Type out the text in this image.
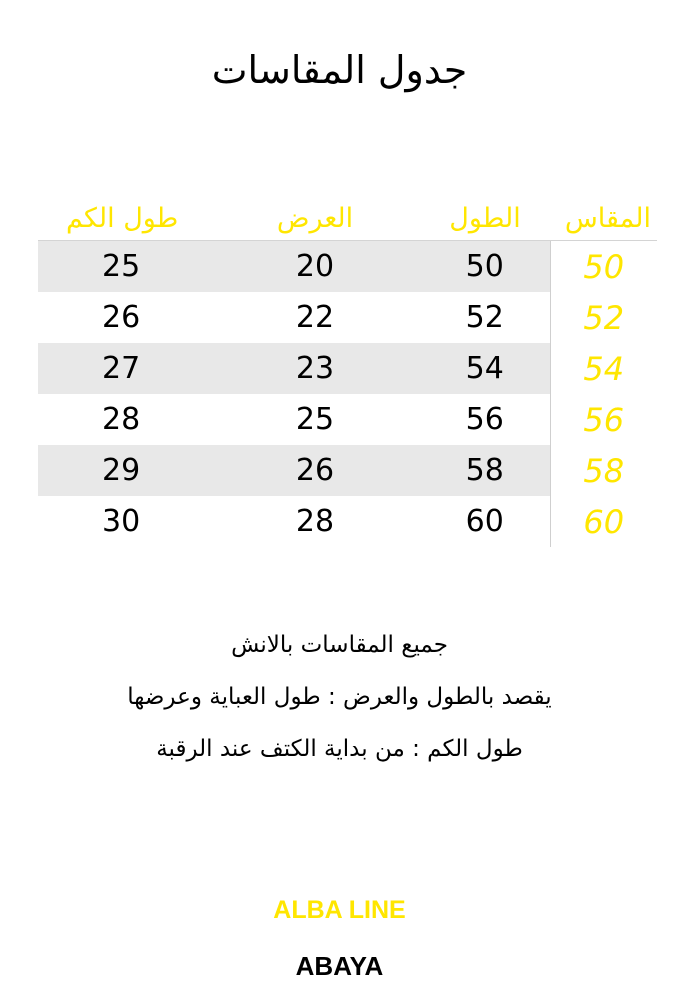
جدول المقاسات
طول الكم	العرض	الطول	المقاس
25	20	50	50
26	22	52	52
27	23	54	54
28	25	56	56
29	26	58	58
30	28	60	60

جميع المقاسات بالانش

يقصد بالطول والعرض : طول العباية وعرضها

طول الكم : من بداية الكتف عند الرقبة

ALBA LINE
ABAYA
